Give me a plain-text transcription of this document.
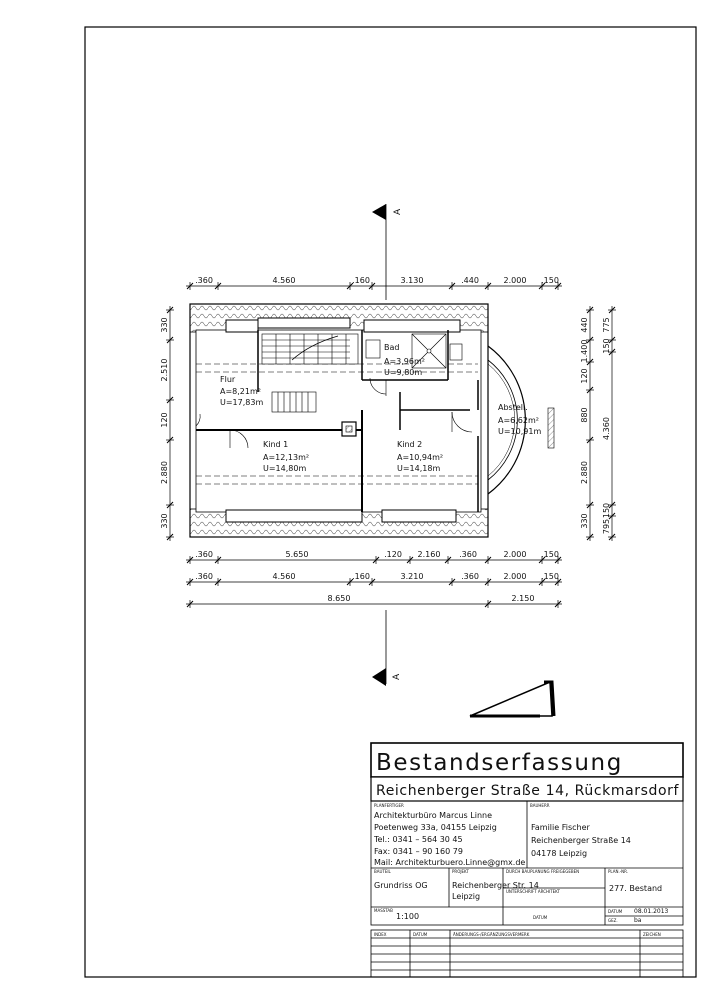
Flur
A=8,21m²
U=17,83m
Bad
A=3,96m²
U=9,80m
Kind 1
A=12,13m²
U=14,80m
Kind 2
A=10,94m²
U=14,18m
Abstell.
A=6,62m²
U=10,91m
A
A
.360	4.560	.160	3.130	.440	2.000 .150
.360	5.650	.120 2.160 .360	2.000 .150
.360	4.560	.160	3.210	.360	2.000 .150
8.650	2.150
330
2.510
120
2.880
330
440
1.400
120
880
2.880
330
775
150
4.360
150
795
Bestandserfassung
Reichenberger Straße 14, Rückmarsdorf
PLANFERTIGER
Architekturbüro Marcus Linne
Poetenweg 33a, 04155 Leipzig
Tel.: 0341 – 564 30 45
Fax: 0341 – 90 160 79
Mail: Architekturbuero.Linne@gmx.de
BAUHERR
Familie Fischer
Reichenberger Straße 14
04178 Leipzig
BAUTEIL
Grundriss OG
PROJEKT
Reichenberger Str. 14
Leipzig
DURCH BAUPLANUNG FREIGEGEBEN
UNTERSCHRIFT ARCHITEKT
DATUM
PLAN.-NR.
277. Bestand
MASSTAB
1:100
DATUM
GEZ.
08.01.2013
ba
INDEX	DATUM	ÄNDERUNGS-/ERGÄNZUNGSVERMERK	ZEICHEN
